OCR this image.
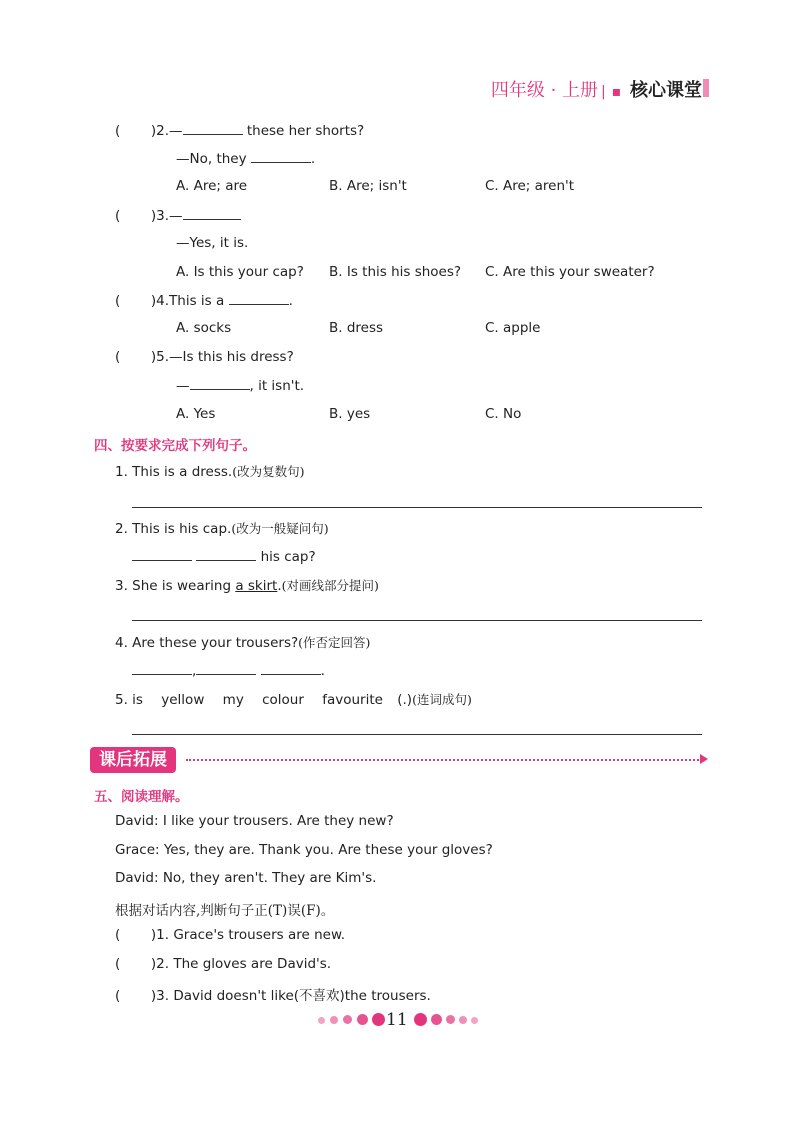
四年级 · 上册 | ▪ 核心课堂
( )2.—	these her shorts?
—No, they	.
A. Are; are	B. Are; isn't	C. Are; aren't
( )3.—
—Yes, it is.
A. Is this your cap? B. Is this his shoes? C. Are this your sweater?
( )4.This is a	.
A. socks	B. dress	C. apple
( )5.—Is this his dress?
—	, it isn't.
A. Yes	B. yes	C. No
四、按要求完成下列句子。
1. This is a dress.(改为复数句)
2. This is his cap.(改为一般疑问句)
his cap?
3. She is wearing a skirt.(对画线部分提问)
4. Are these your trousers?(作否定回答)
,	.
5. is yellow my colour favourite (.)(连词成句)
课后拓展
五、阅读理解。
David: I like your trousers. Are they new?
Grace: Yes, they are. Thank you. Are these your gloves?
David: No, they aren't. They are Kim's.
根据对话内容,判断句子正(T)误(F)。
( )1. Grace's trousers are new.
( )2. The gloves are David's.
( )3. David doesn't like(不喜欢)the trousers.
11
